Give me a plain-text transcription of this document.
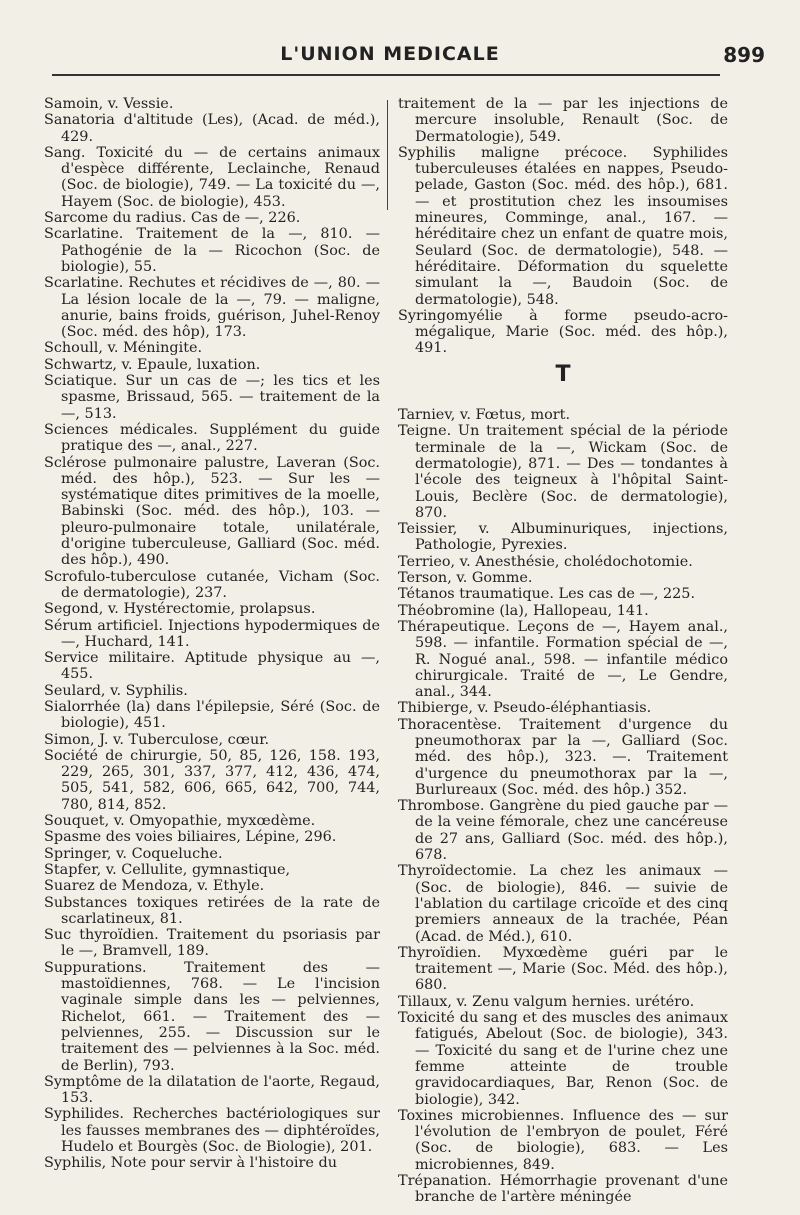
L'UNION MEDICALE	899
Samoin, v. Vessie.
Sanatoria d'altitude (Les), (Acad. de méd.), 429.
Sang. Toxicité du — de certains animaux d'espèce différente, Leclainche, Renaud (Soc. de biologie), 749. — La toxicité du —, Hayem (Soc. de biologie), 453.
Sarcome du radius. Cas de —, 226.
Scarlatine. Traitement de la —, 810. — Pathogénie de la — Ricochon (Soc. de biologie), 55.
Scarlatine. Rechutes et récidives de —, 80. — La lésion locale de la —, 79. — maligne, anurie, bains froids, guérison, Juhel-Renoy (Soc. méd. des hôp), 173.
Schoull, v. Méningite.
Schwartz, v. Epaule, luxation.
Sciatique. Sur un cas de —; les tics et les spasme, Brissaud, 565. — traitement de la —, 513.
Sciences médicales. Supplément du guide pratique des —, anal., 227.
Sclérose pulmonaire palustre, Laveran (Soc. méd. des hôp.), 523. — Sur les — systématique dites primitives de la moelle, Babinski (Soc. méd. des hôp.), 103. — pleuro-pulmonaire totale, unilatérale, d'origine tuberculeuse, Galliard (Soc. méd. des hôp.), 490.
Scrofulo-tuberculose cutanée, Vicham (Soc. de dermatologie), 237.
Segond, v. Hystérectomie, prolapsus.
Sérum artificiel. Injections hypodermiques de —, Huchard, 141.
Service militaire. Aptitude physique au —, 455.
Seulard, v. Syphilis.
Sialorrhée (la) dans l'épilepsie, Séré (Soc. de biologie), 451.
Simon, J. v. Tuberculose, cœur.
Société de chirurgie, 50, 85, 126, 158. 193, 229, 265, 301, 337, 377, 412, 436, 474, 505, 541, 582, 606, 665, 642, 700, 744, 780, 814, 852.
Souquet, v. Omyopathie, myxœdème.
Spasme des voies biliaires, Lépine, 296.
Springer, v. Coqueluche.
Stapfer, v. Cellulite, gymnastique,
Suarez de Mendoza, v. Ethyle.
Substances toxiques retirées de la rate de scarlatineux, 81.
Suc thyroïdien. Traitement du psoriasis par le —, Bramvell, 189.
Suppurations. Traitement des — mastoïdiennes, 768. — Le l'incision vaginale simple dans les — pelviennes, Richelot, 661. — Traitement des — pelviennes, 255. — Discussion sur le traitement des — pelviennes à la Soc. méd. de Berlin), 793.
Symptôme de la dilatation de l'aorte, Regaud, 153.
Syphilides. Recherches bactériologiques sur les fausses membranes des — diphtéroïdes, Hudelo et Bourgès (Soc. de Biologie), 201.
Syphilis, Note pour servir à l'histoire du
traitement de la — par les injections de mercure insoluble, Renault (Soc. de Dermatologie), 549.
Syphilis maligne précoce. Syphilides tuberculeuses étalées en nappes, Pseudo-pelade, Gaston (Soc. méd. des hôp.), 681. — et prostitution chez les insoumises mineures, Comminge, anal., 167. — héréditaire chez un enfant de quatre mois, Seulard (Soc. de dermatologie), 548. — héréditaire. Déformation du squelette simulant la —, Baudoin (Soc. de dermatologie), 548.
Syringomyélie à forme pseudo-acro-mégalique, Marie (Soc. méd. des hôp.), 491.
T
Tarniev, v. Fœtus, mort.
Teigne. Un traitement spécial de la période terminale de la —, Wickam (Soc. de dermatologie), 871. — Des — tondantes à l'école des teigneux à l'hôpital Saint-Louis, Beclère (Soc. de dermatologie), 870.
Teissier, v. Albuminuriques, injections, Pathologie, Pyrexies.
Terrieo, v. Anesthésie, cholédochotomie.
Terson, v. Gomme.
Tétanos traumatique. Les cas de —, 225.
Théobromine (la), Hallopeau, 141.
Thérapeutique. Leçons de —, Hayem anal., 598. — infantile. Formation spécial de —, R. Nogué anal., 598. — infantile médico chirurgicale. Traité de —, Le Gendre, anal., 344.
Thibierge, v. Pseudo-éléphantiasis.
Thoracentèse. Traitement d'urgence du pneumothorax par la —, Galliard (Soc. méd. des hôp.), 323. —. Traitement d'urgence du pneumothorax par la —, Burlureaux (Soc. méd. des hôp.) 352.
Thrombose. Gangrène du pied gauche par — de la veine fémorale, chez une cancéreuse de 27 ans, Galliard (Soc. méd. des hôp.), 678.
Thyroïdectomie. La chez les animaux — (Soc. de biologie), 846. — suivie de l'ablation du cartilage cricoïde et des cinq premiers anneaux de la trachée, Péan (Acad. de Méd.), 610.
Thyroïdien. Myxœdème guéri par le traitement —, Marie (Soc. Méd. des hôp.), 680.
Tillaux, v. Zenu valgum hernies. urétéro.
Toxicité du sang et des muscles des animaux fatigués, Abelout (Soc. de biologie), 343. — Toxicité du sang et de l'urine chez une femme atteinte de trouble gravidocardiaques, Bar, Renon (Soc. de biologie), 342.
Toxines microbiennes. Influence des — sur l'évolution de l'embryon de poulet, Féré (Soc. de biologie), 683. — Les microbiennes, 849.
Trépanation. Hémorrhagie provenant d'une branche de l'artère méningée
